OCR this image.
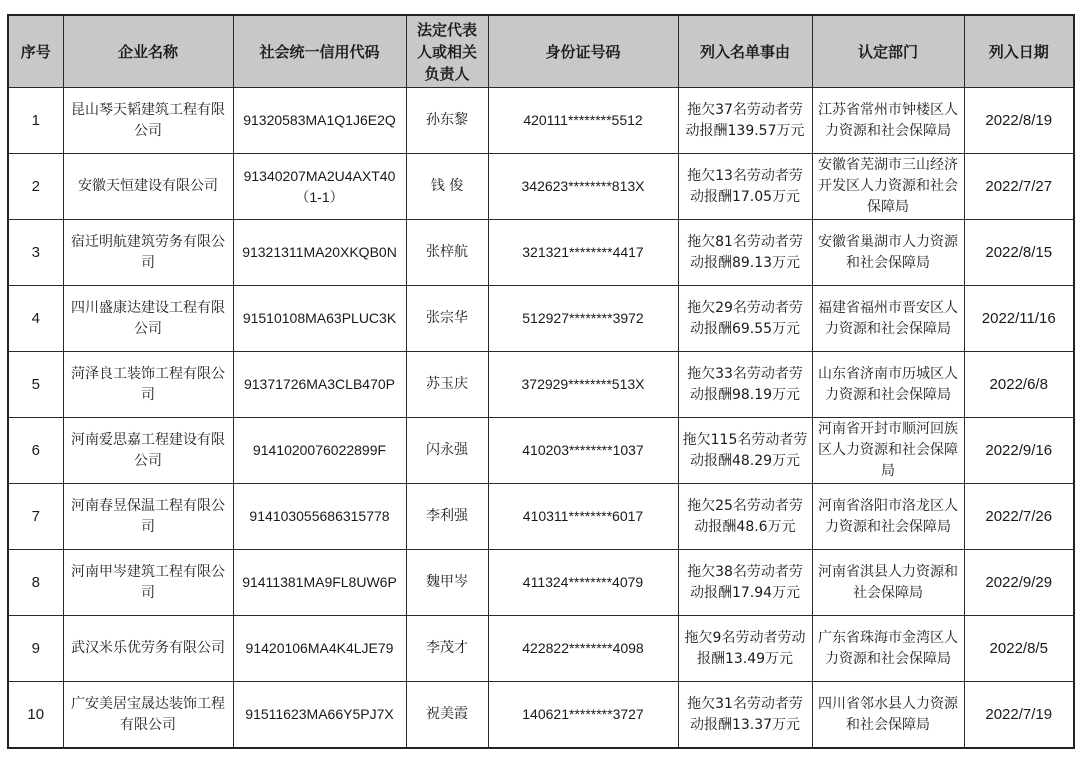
序号	企业名称	社会统一信用代码	法定代表人或相关负责人	身份证号码	列入名单事由	认定部门	列入日期
1	昆山琴天韬建筑工程有限公司	91320583MA1Q1J6E2Q	孙东黎	420111********5512	拖欠37名劳动者劳动报酬139.57万元	江苏省常州市钟楼区人力资源和社会保障局	2022/8/19
2	安徽天恒建设有限公司	91340207MA2U4AXT40（1-1）	钱 俊	342623********813X	拖欠13名劳动者劳动报酬17.05万元	安徽省芜湖市三山经济开发区人力资源和社会保障局	2022/7/27
3	宿迁明航建筑劳务有限公司	91321311MA20XKQB0N	张梓航	321321********4417	拖欠81名劳动者劳动报酬89.13万元	安徽省巢湖市人力资源和社会保障局	2022/8/15
4	四川盛康达建设工程有限公司	91510108MA63PLUC3K	张宗华	512927********3972	拖欠29名劳动者劳动报酬69.55万元	福建省福州市晋安区人力资源和社会保障局	2022/11/16
5	菏泽良工装饰工程有限公司	91371726MA3CLB470P	苏玉庆	372929********513X	拖欠33名劳动者劳动报酬98.19万元	山东省济南市历城区人力资源和社会保障局	2022/6/8
6	河南爱思嘉工程建设有限公司	9141020076022899F	闪永强	410203********1037	拖欠115名劳动者劳动报酬48.29万元	河南省开封市顺河回族区人力资源和社会保障局	2022/9/16
7	河南春昱保温工程有限公司	914103055686315778	李利强	410311********6017	拖欠25名劳动者劳动报酬48.6万元	河南省洛阳市洛龙区人力资源和社会保障局	2022/7/26
8	河南甲岑建筑工程有限公司	91411381MA9FL8UW6P	魏甲岑	411324********4079	拖欠38名劳动者劳动报酬17.94万元	河南省淇县人力资源和社会保障局	2022/9/29
9	武汉米乐优劳务有限公司	91420106MA4K4LJE79	李茂才	422822********4098	拖欠9名劳动者劳动报酬13.49万元	广东省珠海市金湾区人力资源和社会保障局	2022/8/5
10	广安美居宝晟达装饰工程有限公司	91511623MA66Y5PJ7X	祝美霞	140621********3727	拖欠31名劳动者劳动报酬13.37万元	四川省邻水县人力资源和社会保障局	2022/7/19
